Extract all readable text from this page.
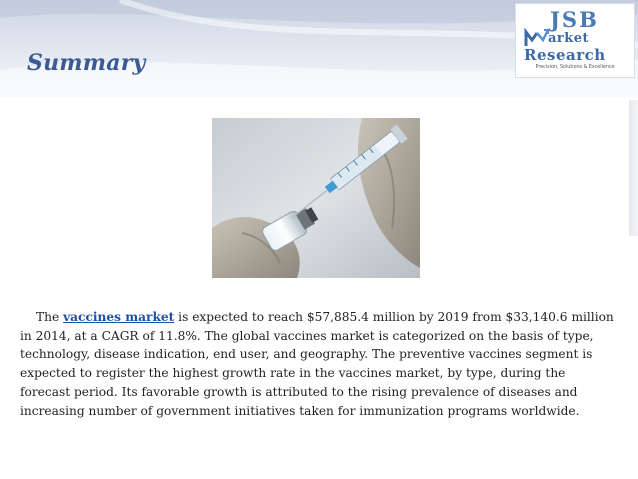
Summary
JSB
arket
Research
Precision, Solutions & Excellence

The vaccines market is expected to reach $57,885.4 million by 2019 from $33,140.6 million in 2014, at a CAGR of 11.8%. The global vaccines market is categorized on the basis of type, technology, disease indication, end user, and geography. The preventive vaccines segment is expected to register the highest growth rate in the vaccines market, by type, during the forecast period. Its favorable growth is attributed to the rising prevalence of diseases and increasing number of government initiatives taken for immunization programs worldwide.
